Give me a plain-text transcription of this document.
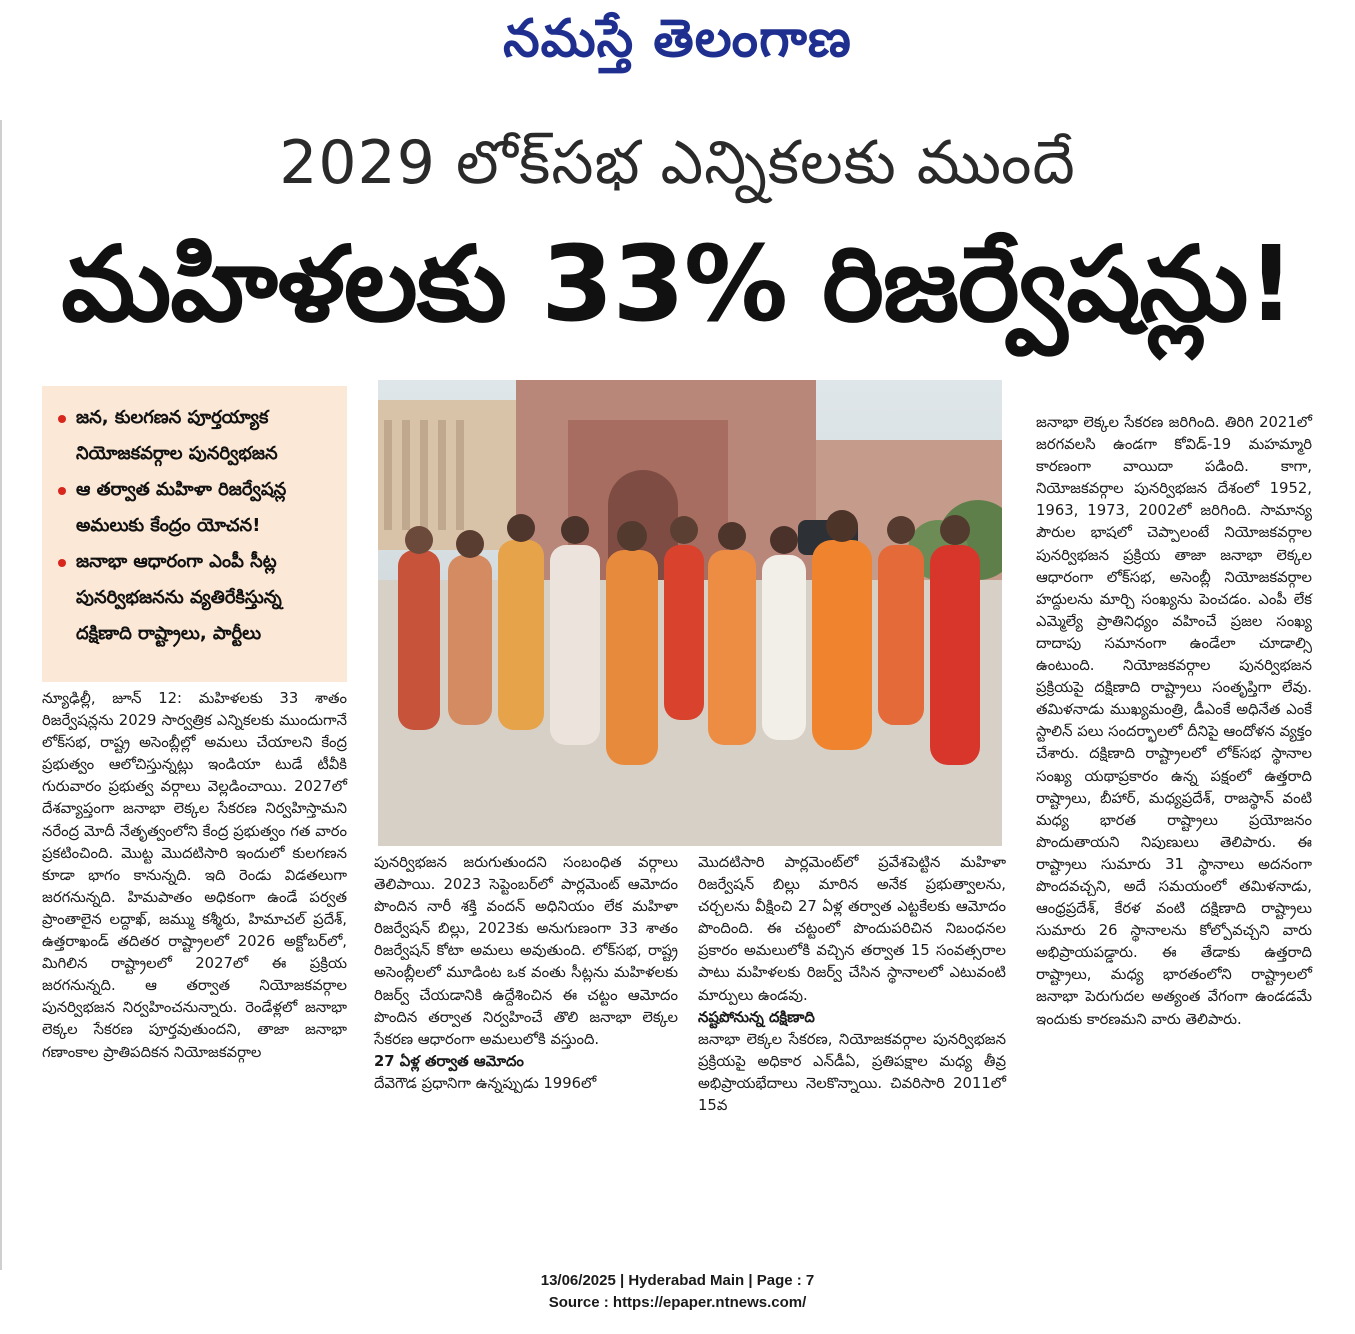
నమస్తే తెలంగాణ
2029 లోక్‌సభ ఎన్నికలకు ముందే
మహిళలకు 33% రిజర్వేషన్లు!
జన, కులగణన పూర్తయ్యాక నియోజకవర్గాల పునర్విభజన
ఆ తర్వాత మహిళా రిజర్వేషన్ల అమలుకు కేంద్రం యోచన!
జనాభా ఆధారంగా ఎంపీ సీట్ల పునర్విభజనను వ్యతిరేకిస్తున్న దక్షిణాది రాష్ట్రాలు, పార్టీలు

న్యూఢిల్లీ, జూన్ 12: మహిళలకు 33 శాతం రిజర్వేషన్లను 2029 సార్వత్రిక ఎన్నికలకు ముందుగానే లోక్‌సభ, రాష్ట్ర అసెంబ్లీల్లో అమలు చేయాలని కేంద్ర ప్రభుత్వం ఆలోచిస్తున్నట్లు ఇండియా టుడే టీవీకి గురువారం ప్రభుత్వ వర్గాలు వెల్లడించాయి. 2027లో దేశవ్యాప్తంగా జనాభా లెక్కల సేకరణ నిర్వహిస్తామని నరేంద్ర మోదీ నేతృత్వంలోని కేంద్ర ప్రభుత్వం గత వారం ప్రకటించింది. మొట్ట మొదటిసారి ఇందులో కులగణన కూడా భాగం కానున్నది. ఇది రెండు విడతలుగా జరగనున్నది. హిమపాతం అధికంగా ఉండే పర్వత ప్రాంతాలైన లద్దాఖ్, జమ్ము కశ్మీరు, హిమాచల్ ప్రదేశ్, ఉత్తరాఖండ్ తదితర రాష్ట్రాలలో 2026 అక్టోబర్‌లో, మిగిలిన రాష్ట్రాలలో 2027లో ఈ ప్రక్రియ జరగనున్నది. ఆ తర్వాత నియోజకవర్గాల పునర్విభజన నిర్వహించనున్నారు. రెండేళ్లలో జనాభా లెక్కల సేకరణ పూర్తవుతుందని, తాజా జనాభా గణాంకాల ప్రాతిపదికన నియోజకవర్గాల

పునర్విభజన జరుగుతుందని సంబంధిత వర్గాలు తెలిపాయి. 2023 సెప్టెంబర్‌లో పార్లమెంట్ ఆమోదం పొందిన నారీ శక్తి వందన్ అధినియం లేక మహిళా రిజర్వేషన్ బిల్లు, 2023కు అనుగుణంగా 33 శాతం రిజర్వేషన్ కోటా అమలు అవుతుంది. లోక్‌సభ, రాష్ట్ర అసెంబ్లీలలో మూడింట ఒక వంతు సీట్లను మహిళలకు రిజర్వ్ చేయడానికి ఉద్దేశించిన ఈ చట్టం ఆమోదం పొందిన తర్వాత నిర్వహించే తొలి జనాభా లెక్కల సేకరణ ఆధారంగా అమలులోకి వస్తుంది.

27 ఏళ్ల తర్వాత ఆమోదం

దేవెగౌడ ప్రధానిగా ఉన్నప్పుడు 1996లో

మొదటిసారి పార్లమెంట్‌లో ప్రవేశపెట్టిన మహిళా రిజర్వేషన్ బిల్లు మారిన అనేక ప్రభుత్వాలను, చర్చలను వీక్షించి 27 ఏళ్ల తర్వాత ఎట్టకేలకు ఆమోదం పొందింది. ఈ చట్టంలో పొందుపరిచిన నిబంధనల ప్రకారం అమలులోకి వచ్చిన తర్వాత 15 సంవత్సరాల పాటు మహిళలకు రిజర్వ్ చేసిన స్థానాలలో ఎటువంటి మార్పులు ఉండవు.

నష్టపోనున్న దక్షిణాది

జనాభా లెక్కల సేకరణ, నియోజకవర్గాల పునర్విభజన ప్రక్రియపై అధికార ఎన్‌డీఏ, ప్రతిపక్షాల మధ్య తీవ్ర అభిప్రాయభేదాలు నెలకొన్నాయి. చివరిసారి 2011లో 15వ

జనాభా లెక్కల సేకరణ జరిగింది. తిరిగి 2021లో జరగవలసి ఉండగా కోవిడ్-19 మహమ్మారి కారణంగా వాయిదా పడింది. కాగా, నియోజకవర్గాల పునర్విభజన దేశంలో 1952, 1963, 1973, 2002లో జరిగింది. సామాన్య పౌరుల భాషలో చెప్పాలంటే నియోజకవర్గాల పునర్విభజన ప్రక్రియ తాజా జనాభా లెక్కల ఆధారంగా లోక్‌సభ, అసెంబ్లీ నియోజకవర్గాల హద్దులను మార్చి సంఖ్యను పెంచడం. ఎంపీ లేక ఎమ్మెల్యే ప్రాతినిధ్యం వహించే ప్రజల సంఖ్య దాదాపు సమానంగా ఉండేలా చూడాల్సి ఉంటుంది. నియోజకవర్గాల పునర్విభజన ప్రక్రియపై దక్షిణాది రాష్ట్రాలు సంతృప్తిగా లేవు. తమిళనాడు ముఖ్యమంత్రి, డీఎంకే అధినేత ఎంకే స్టాలిన్ పలు సందర్భాలలో దీనిపై ఆందోళన వ్యక్తం చేశారు. దక్షిణాది రాష్ట్రాలలో లోక్‌సభ స్థానాల సంఖ్య యథాప్రకారం ఉన్న పక్షంలో ఉత్తరాది రాష్ట్రాలు, బీహార్, మధ్యప్రదేశ్, రాజస్థాన్ వంటి మధ్య భారత రాష్ట్రాలు ప్రయోజనం పొందుతాయని నిపుణులు తెలిపారు. ఈ రాష్ట్రాలు సుమారు 31 స్థానాలు అదనంగా పొందవచ్చని, అదే సమయంలో తమిళనాడు, ఆంధ్రప్రదేశ్, కేరళ వంటి దక్షిణాది రాష్ట్రాలు సుమారు 26 స్థానాలను కోల్పోవచ్చని వారు అభిప్రాయపడ్డారు. ఈ తేడాకు ఉత్తరాది రాష్ట్రాలు, మధ్య భారతంలోని రాష్ట్రాలలో జనాభా పెరుగుదల అత్యంత వేగంగా ఉండడమే ఇందుకు కారణమని వారు తెలిపారు.

13/06/2025 | Hyderabad Main | Page : 7
Source : https://epaper.ntnews.com/
